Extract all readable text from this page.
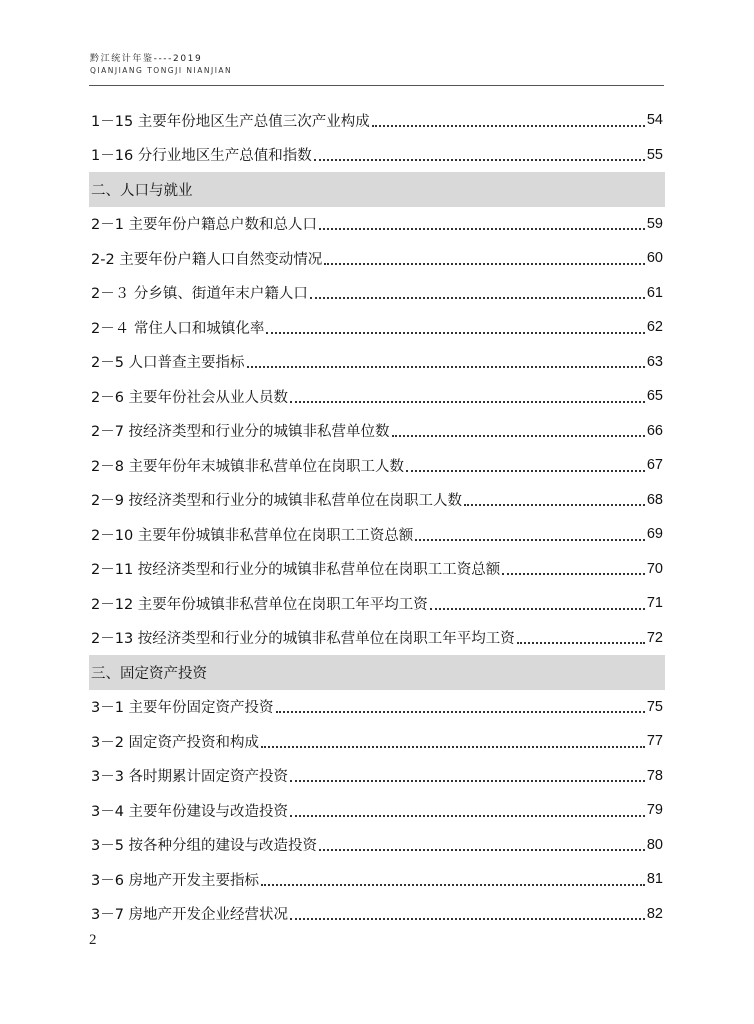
黔江统计年鉴----2019
QIANJIANG TONGJI NIANJIAN
1－15 主要年份地区生产总值三次产业构成	54
1－16 分行业地区生产总值和指数	55
二、人口与就业
2－1 主要年份户籍总户数和总人口	59
2-2 主要年份户籍人口自然变动情况	60
2－３ 分乡镇、街道年末户籍人口	61
2－４ 常住人口和城镇化率	62
2－5 人口普查主要指标	63
2－6 主要年份社会从业人员数	65
2－7 按经济类型和行业分的城镇非私营单位数	66
2－8 主要年份年末城镇非私营单位在岗职工人数	67
2－9 按经济类型和行业分的城镇非私营单位在岗职工人数	68
2－10 主要年份城镇非私营单位在岗职工工资总额	69
2－11 按经济类型和行业分的城镇非私营单位在岗职工工资总额	70
2－12 主要年份城镇非私营单位在岗职工年平均工资	71
2－13 按经济类型和行业分的城镇非私营单位在岗职工年平均工资	72
三、固定资产投资
3－1 主要年份固定资产投资	75
3－2 固定资产投资和构成	77
3－3 各时期累计固定资产投资	78
3－4 主要年份建设与改造投资	79
3－5 按各种分组的建设与改造投资	80
3－6 房地产开发主要指标	81
3－7 房地产开发企业经营状况	82
2
